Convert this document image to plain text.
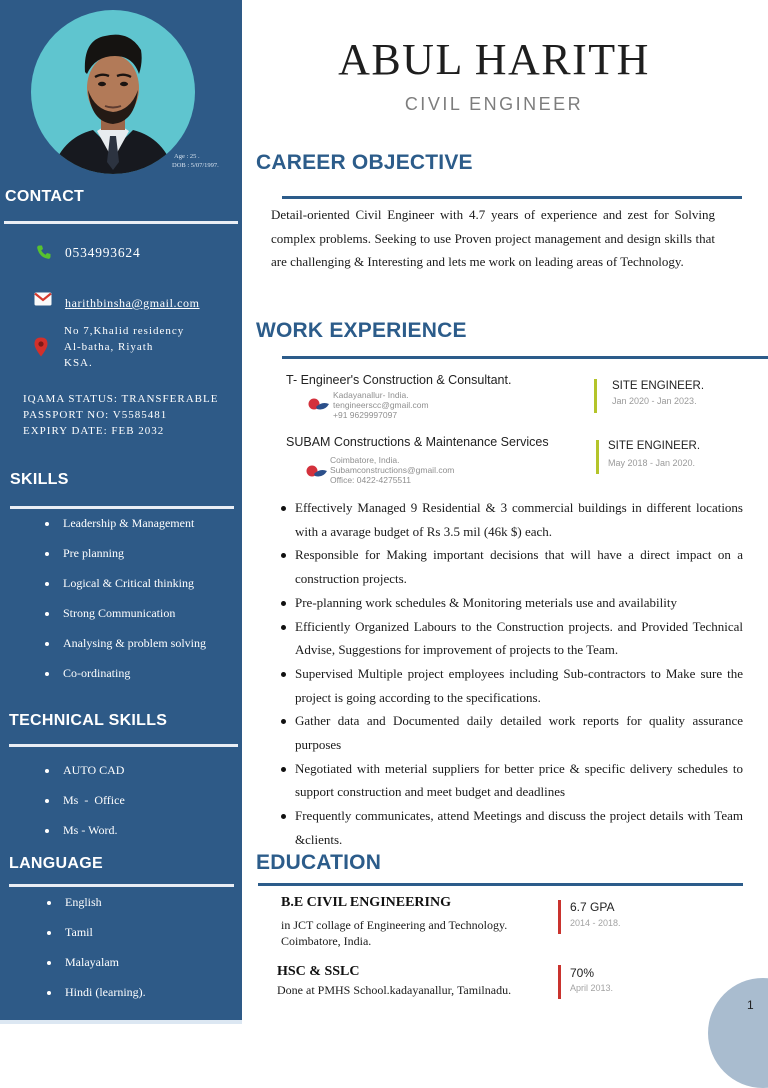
Age : 25 .
DOB : 5/07/1997.
CONTACT
0534993624
harithbinsha@gmail.com
No 7,Khalid residency
Al-batha, Riyath
KSA.
IQAMA STATUS: TRANSFERABLE
PASSPORT NO: V5585481
EXPIRY DATE: FEB 2032
SKILLS
Leadership & Management
Pre planning
Logical & Critical thinking
Strong Communication
Analysing & problem solving
Co-ordinating
TECHNICAL SKILLS
AUTO CAD
Ms  -  Office
Ms - Word.
LANGUAGE
English
Tamil
Malayalam
Hindi (learning).
ABUL HARITH
CIVIL ENGINEER
CAREER OBJECTIVE
Detail-oriented Civil Engineer with 4.7 years of experience and zest for Solving complex problems. Seeking to use Proven project management and design skills that are challenging & Interesting and lets me work on leading areas of Technology.
WORK EXPERIENCE
T- Engineer's Construction & Consultant.
Kadayanallur- India.
tengineerscc@gmail.com
+91 9629997097
SITE ENGINEER.
Jan 2020 - Jan 2023.
SUBAM Constructions & Maintenance Services
Coimbatore, India.
Subamconstructions@gmail.com
Office: 0422-4275511
SITE ENGINEER.
May 2018 - Jan 2020.
Effectively Managed 9 Residential & 3 commercial buildings in different locations with a avarage budget of Rs 3.5 mil (46k $) each.
Responsible for Making important decisions that will have a direct impact on a construction projects.
Pre-planning work schedules & Monitoring meterials use and availability
Efficiently Organized Labours to the Construction projects. and Provided Technical Advise, Suggestions for improvement of projects to the Team.
Supervised Multiple project employees including Sub-contractors to Make sure the project is going according to the specifications.
Gather data and Documented daily detailed work reports for quality assurance purposes
Negotiated with meterial suppliers for better price & specific delivery schedules to support construction and meet budget and deadlines
Frequently communicates, attend Meetings and discuss the project details with Team &clients.
EDUCATION
B.E CIVIL ENGINEERING
in JCT collage of Engineering and Technology.
Coimbatore, India.
6.7 GPA
2014 - 2018.
HSC & SSLC
Done at PMHS School.kadayanallur, Tamilnadu.
70%
April 2013.
1
